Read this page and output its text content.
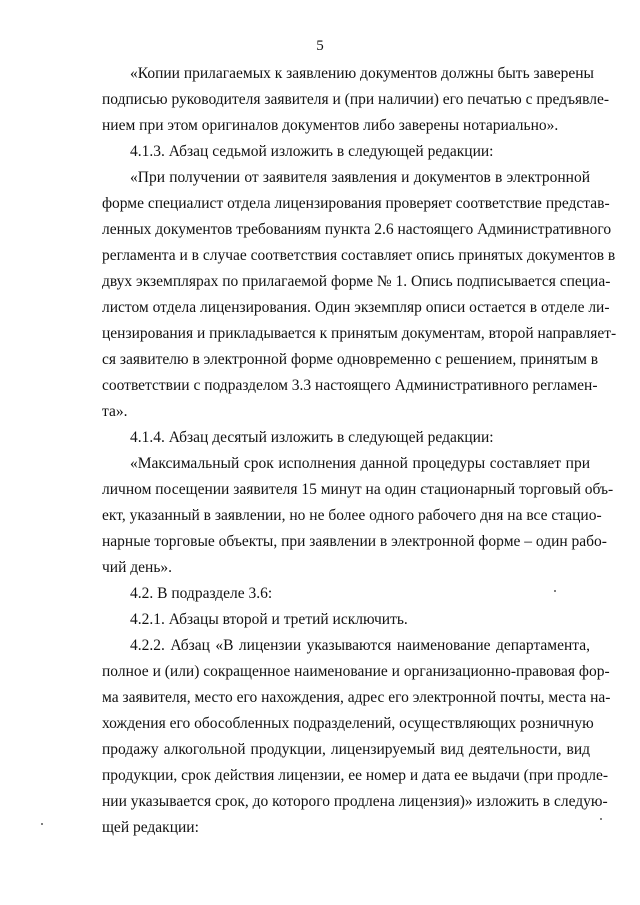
5
«Копии прилагаемых к заявлению документов должны быть заверены
подписью руководителя заявителя и (при наличии) его печатью с предъявле-
нием при этом оригиналов документов либо заверены нотариально».
4.1.3. Абзац седьмой изложить в следующей редакции:
«При получении от заявителя заявления и документов в электронной
форме специалист отдела лицензирования проверяет соответствие представ-
ленных документов требованиям пункта 2.6 настоящего Административного
регламента и в случае соответствия составляет опись принятых документов в
двух экземплярах по прилагаемой форме № 1. Опись подписывается специа-
листом отдела лицензирования. Один экземпляр описи остается в отделе ли-
цензирования и прикладывается к принятым документам, второй направляет-
ся заявителю в электронной форме одновременно с решением, принятым в
соответствии с подразделом 3.3 настоящего Административного регламен-
та».
4.1.4. Абзац десятый изложить в следующей редакции:
«Максимальный срок исполнения данной процедуры составляет при
личном посещении заявителя 15 минут на один стационарный торговый объ-
ект, указанный в заявлении, но не более одного рабочего дня на все стацио-
нарные торговые объекты, при заявлении в электронной форме – один рабо-
чий день».
4.2. В подразделе 3.6:
4.2.1. Абзацы второй и третий исключить.
4.2.2. Абзац «В лицензии указываются наименование департамента,
полное и (или) сокращенное наименование и организационно-правовая фор-
ма заявителя, место его нахождения, адрес его электронной почты, места на-
хождения его обособленных подразделений, осуществляющих розничную
продажу алкогольной продукции, лицензируемый вид деятельности, вид
продукции, срок действия лицензии, ее номер и дата ее выдачи (при продле-
нии указывается срок, до которого продлена лицензия)» изложить в следую-
щей редакции:
